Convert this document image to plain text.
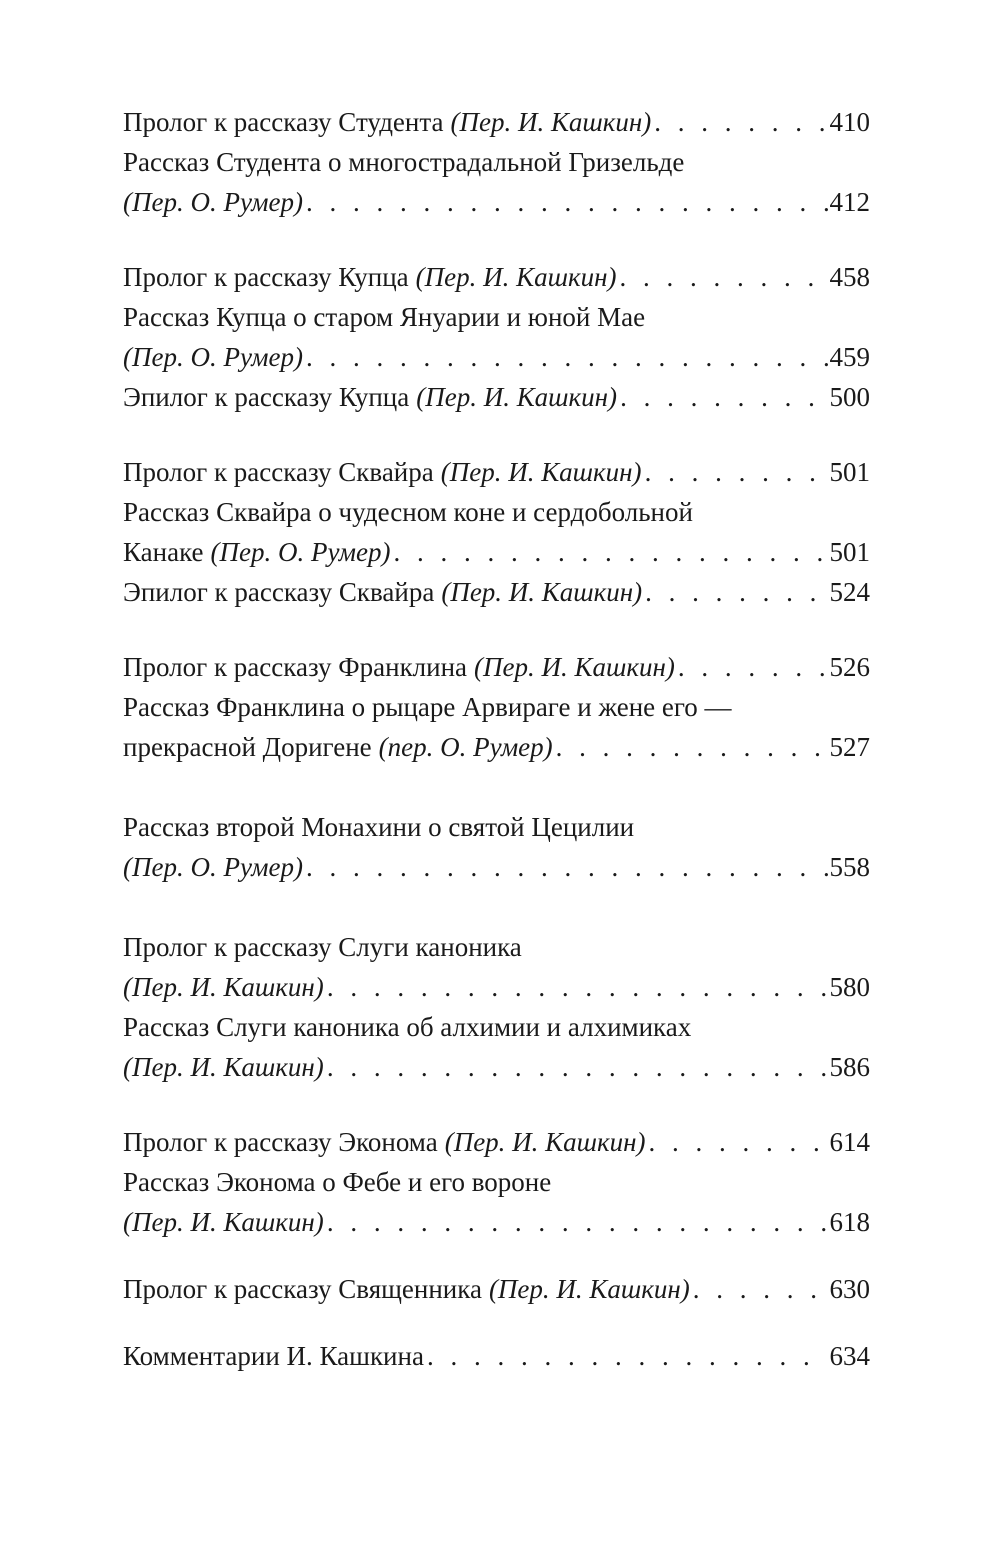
Пролог к рассказу Студента (Пер. И. Кашкин) . . .	410
Рассказ Студента о многострадальной Гризельде
(Пер. О. Румер) . . .	412
Пролог к рассказу Купца (Пер. И. Кашкин) . . .	458
Рассказ Купца о старом Януарии и юной Мае
(Пер. О. Румер) . . .	459
Эпилог к рассказу Купца (Пер. И. Кашкин) . . .	500
Пролог к рассказу Сквайра (Пер. И. Кашкин) . . .	501
Рассказ Сквайра о чудесном коне и сердобольной
Канаке (Пер. О. Румер) . . .	501
Эпилог к рассказу Сквайра (Пер. И. Кашкин) . . .	524
Пролог к рассказу Франклина (Пер. И. Кашкин) . . .	526
Рассказ Франклина о рыцаре Арвираге и жене его —
прекрасной Доригене (пер. О. Румер) . . .	527
Рассказ второй Монахини о святой Цецилии
(Пер. О. Румер) . . .	558
Пролог к рассказу Слуги каноника
(Пер. И. Кашкин) . . .	580
Рассказ Слуги каноника об алхимии и алхимиках
(Пер. И. Кашкин) . . .	586
Пролог к рассказу Эконома (Пер. И. Кашкин) . . .	614
Рассказ Эконома о Фебе и его вороне
(Пер. И. Кашкин) . . .	618
Пролог к рассказу Священника (Пер. И. Кашкин) . . .	630
Комментарии И. Кашкина . . .	634
